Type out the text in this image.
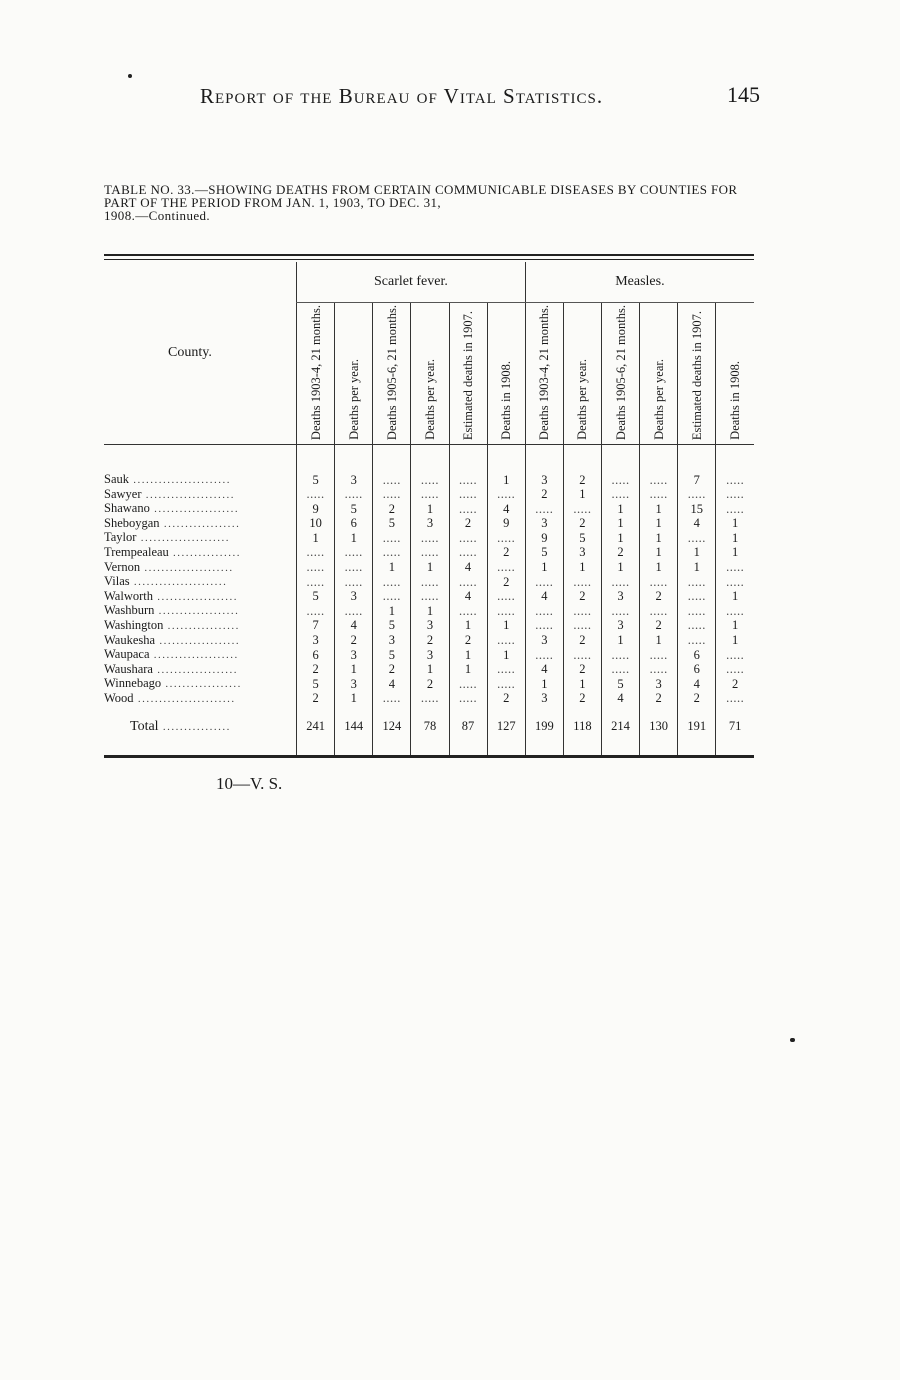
Report of the Bureau of Vital Statistics.	145
TABLE NO. 33.—SHOWING DEATHS FROM CERTAIN COMMUNICABLE DISEASES BY COUNTIES FOR PART OF THE PERIOD FROM JAN. 1, 1903, TO DEC. 31,
1908.—Continued.
County.	Scarlet fever.						Measles.					

	Deaths 1903-4, 21 months.	Deaths per year.	Deaths 1905-6, 21 months.	Deaths per year.	Estimated deaths in 1907.	Deaths in 1908.	Deaths 1903-4, 21 months.	Deaths per year.	Deaths 1905-6, 21 months.	Deaths per year.	Estimated deaths in 1907.	Deaths in 1908.

Sauk .......................	5	3	.....	.....	.....	1	3	2	.....	.....	7	.....
Sawyer .....................	.....	.....	.....	.....	.....	.....	2	1	.....	.....	.....	.....
Shawano ....................	9	5	2	1	.....	4	.....	.....	1	1	15	.....
Sheboygan ..................	10	6	5	3	2	9	3	2	1	1	4	1
Taylor .....................	1	1	.....	.....	.....	.....	9	5	1	1	.....	1
Trempealeau ................	.....	.....	.....	.....	.....	2	5	3	2	1	1	1
Vernon .....................	.....	.....	1	1	4	.....	1	1	1	1	1	.....
Vilas ......................	.....	.....	.....	.....	.....	2	.....	.....	.....	.....	.....	.....
Walworth ...................	5	3	.....	.....	4	.....	4	2	3	2	.....	1
Washburn ...................	.....	.....	1	1	.....	.....	.....	.....	.....	.....	.....	.....
Washington .................	7	4	5	3	1	1	.....	.....	3	2	.....	1
Waukesha ...................	3	2	3	2	2	.....	3	2	1	1	.....	1
Waupaca ....................	6	3	5	3	1	1	.....	.....	.....	.....	6	.....
Waushara ...................	2	1	2	1	1	.....	4	2	.....	.....	6	.....
Winnebago ..................	5	3	4	2	.....	.....	1	1	5	3	4	2
Wood .......................	2	1	.....	.....	.....	2	3	2	4	2	2	.....

Total ................	241	144	124	78	87	127	199	118	214	130	191	71

10—V. S.
